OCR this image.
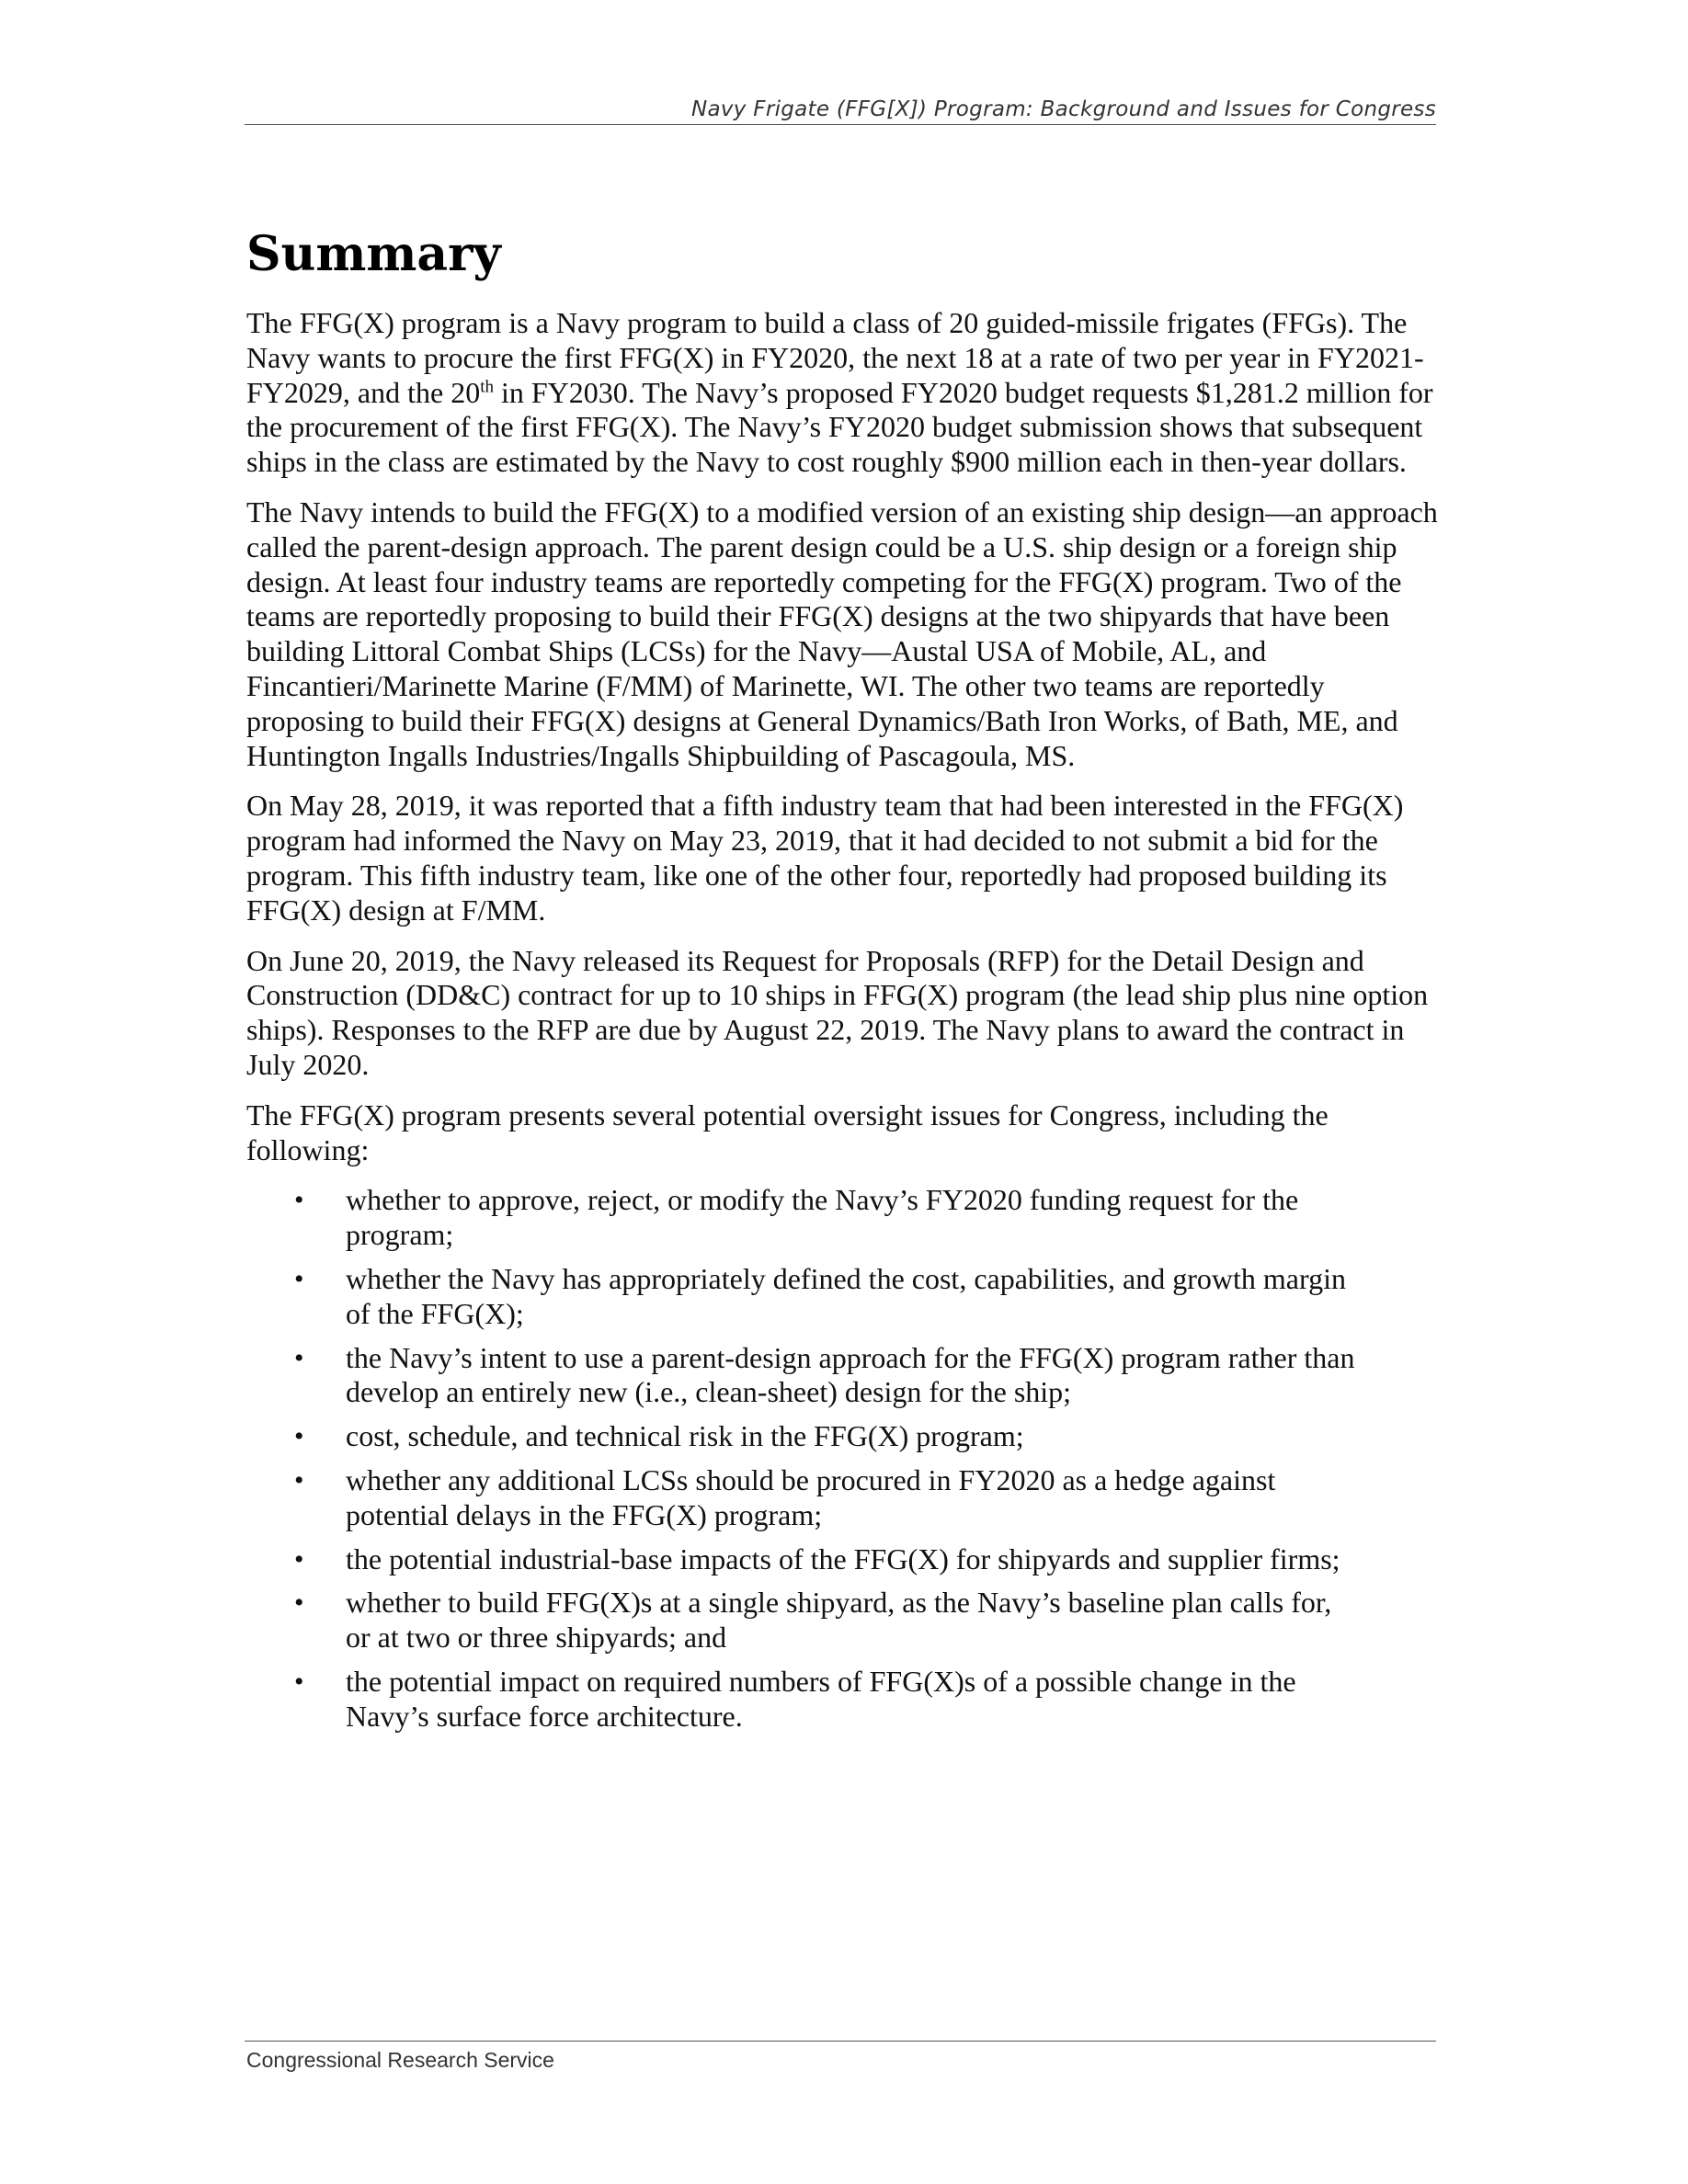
Navy Frigate (FFG[X]) Program: Background and Issues for Congress
Summary

The FFG(X) program is a Navy program to build a class of 20 guided-missile frigates (FFGs). The Navy wants to procure the first FFG(X) in FY2020, the next 18 at a rate of two per year in FY2021-FY2029, and the 20th in FY2030. The Navy’s proposed FY2020 budget requests $1,281.2 million for the procurement of the first FFG(X). The Navy’s FY2020 budget submission shows that subsequent ships in the class are estimated by the Navy to cost roughly $900 million each in then-year dollars.

The Navy intends to build the FFG(X) to a modified version of an existing ship design—an approach called the parent-design approach. The parent design could be a U.S. ship design or a foreign ship design. At least four industry teams are reportedly competing for the FFG(X) program. Two of the teams are reportedly proposing to build their FFG(X) designs at the two shipyards that have been building Littoral Combat Ships (LCSs) for the Navy—Austal USA of Mobile, AL, and Fincantieri/Marinette Marine (F/MM) of Marinette, WI. The other two teams are reportedly proposing to build their FFG(X) designs at General Dynamics/Bath Iron Works, of Bath, ME, and Huntington Ingalls Industries/Ingalls Shipbuilding of Pascagoula, MS.

On May 28, 2019, it was reported that a fifth industry team that had been interested in the FFG(X) program had informed the Navy on May 23, 2019, that it had decided to not submit a bid for the program. This fifth industry team, like one of the other four, reportedly had proposed building its FFG(X) design at F/MM.

On June 20, 2019, the Navy released its Request for Proposals (RFP) for the Detail Design and Construction (DD&C) contract for up to 10 ships in FFG(X) program (the lead ship plus nine option ships). Responses to the RFP are due by August 22, 2019. The Navy plans to award the contract in July 2020.

The FFG(X) program presents several potential oversight issues for Congress, including the following:

• whether to approve, reject, or modify the Navy’s FY2020 funding request for the program;
• whether the Navy has appropriately defined the cost, capabilities, and growth margin of the FFG(X);
• the Navy’s intent to use a parent-design approach for the FFG(X) program rather than develop an entirely new (i.e., clean-sheet) design for the ship;
• cost, schedule, and technical risk in the FFG(X) program;
• whether any additional LCSs should be procured in FY2020 as a hedge against potential delays in the FFG(X) program;
• the potential industrial-base impacts of the FFG(X) for shipyards and supplier firms;
• whether to build FFG(X)s at a single shipyard, as the Navy’s baseline plan calls for, or at two or three shipyards; and
• the potential impact on required numbers of FFG(X)s of a possible change in the Navy’s surface force architecture.
Congressional Research Service
